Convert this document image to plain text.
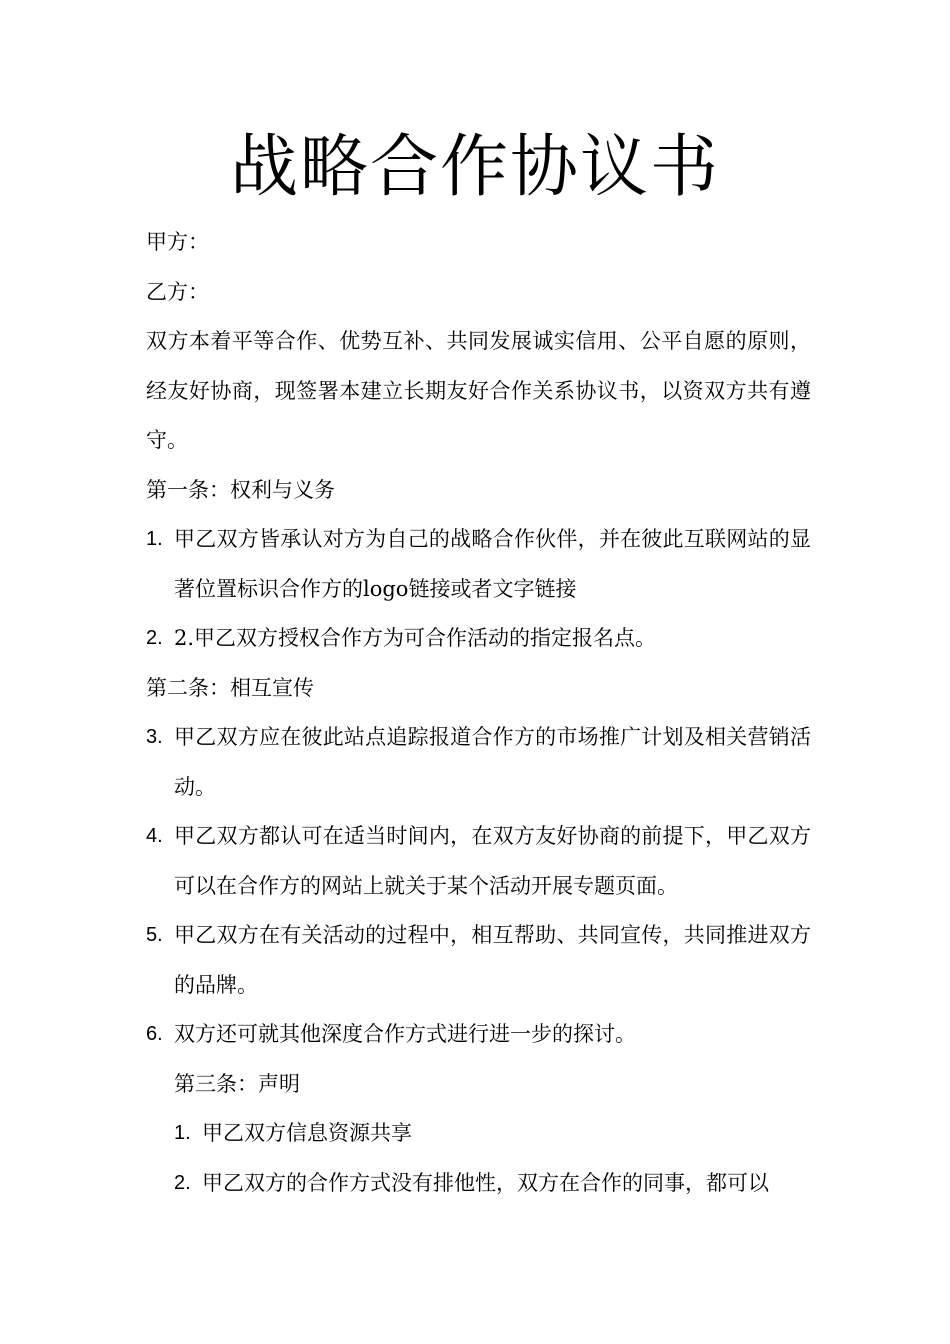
战略合作协议书

甲方：

乙方：

双方本着平等合作、优势互补、共同发展诚实信用、公平自愿的原则，经友好协商，现签署本建立长期友好合作关系协议书，以资双方共有遵守。

第一条：权利与义务

1. 甲乙双方皆承认对方为自己的战略合作伙伴，并在彼此互联网站的显著位置标识合作方的logo链接或者文字链接
2. 2.甲乙双方授权合作方为可合作活动的指定报名点。

第二条：相互宣传

3. 甲乙双方应在彼此站点追踪报道合作方的市场推广计划及相关营销活动。
4. 甲乙双方都认可在适当时间内，在双方友好协商的前提下，甲乙双方可以在合作方的网站上就关于某个活动开展专题页面。
5. 甲乙双方在有关活动的过程中，相互帮助、共同宣传，共同推进双方的品牌。
6. 双方还可就其他深度合作方式进行进一步的探讨。

第三条：声明

1. 甲乙双方信息资源共享
2. 甲乙双方的合作方式没有排他性，双方在合作的同事，都可以
